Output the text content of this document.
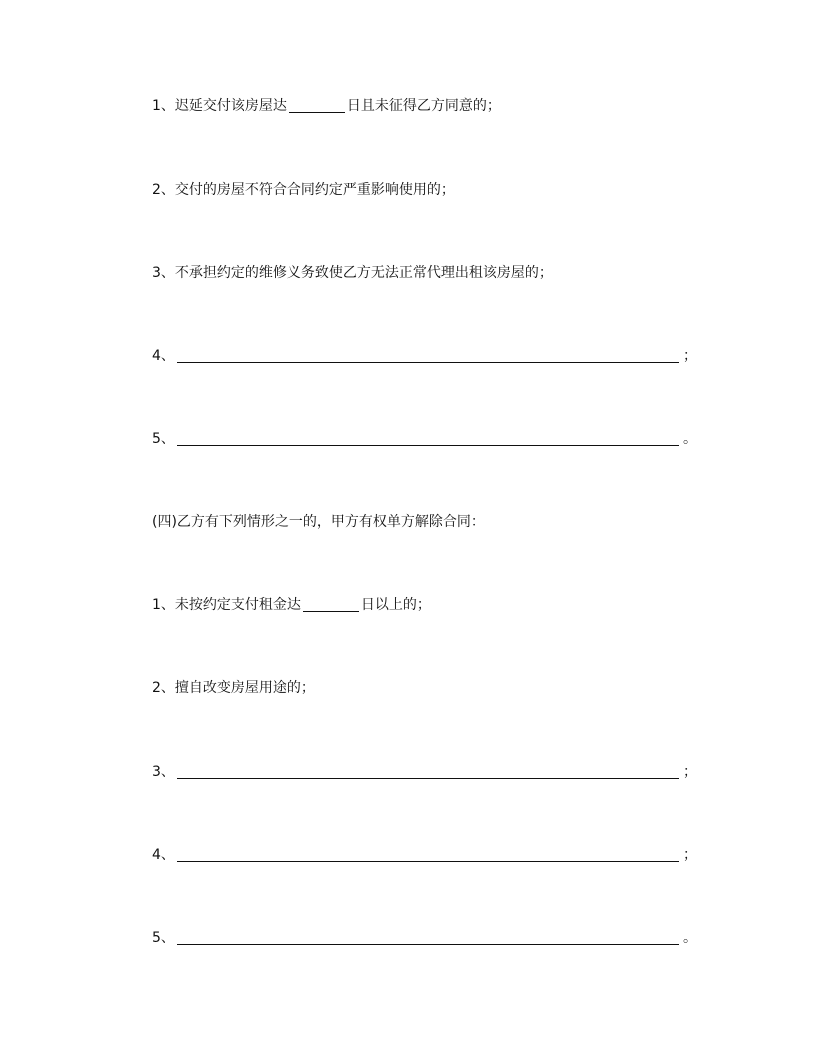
1、迟延交付该房屋达	日且未征得乙方同意的；
2、交付的房屋不符合合同约定严重影响使用的；
3、不承担约定的维修义务致使乙方无法正常代理出租该房屋的；
4、	；
5、	。
(四)乙方有下列情形之一的，甲方有权单方解除合同：
1、未按约定支付租金达	日以上的；
2、擅自改变房屋用途的；
3、	；
4、	；
5、	。
